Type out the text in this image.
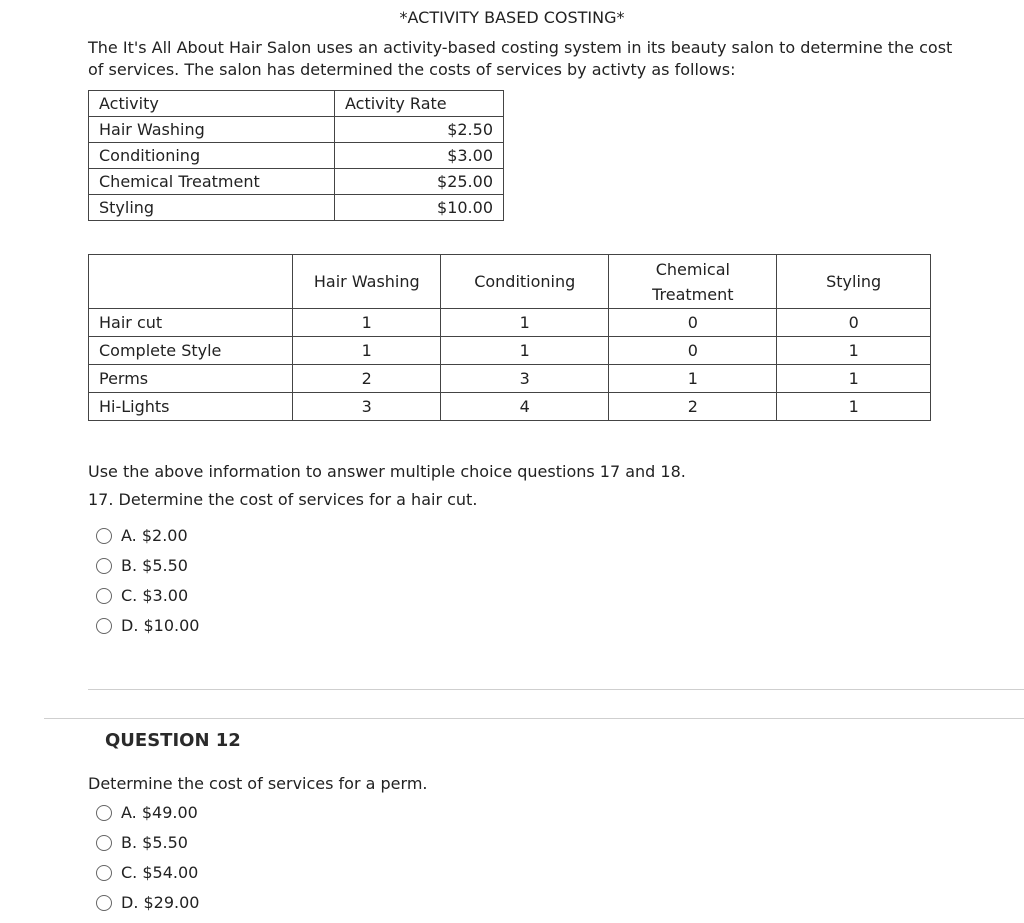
*ACTIVITY BASED COSTING*
The It's All About Hair Salon uses an activity-based costing system in its beauty salon to determine the cost
of services. The salon has determined the costs of services by activty as follows:
Activity	Activity Rate
Hair Washing	$2.50
Conditioning	$3.00
Chemical Treatment	$25.00
Styling	$10.00
	Hair Washing	Conditioning	Chemical Treatment	Styling
Hair cut	1	1	0	0
Complete Style	1	1	0	1
Perms	2	3	1	1
Hi-Lights	3	4	2	1
Use the above information to answer multiple choice questions 17 and 18.
17. Determine the cost of services for a hair cut.
A. $2.00
B. $5.50
C. $3.00
D. $10.00
QUESTION 12
Determine the cost of services for a perm.
A. $49.00
B. $5.50
C. $54.00
D. $29.00
